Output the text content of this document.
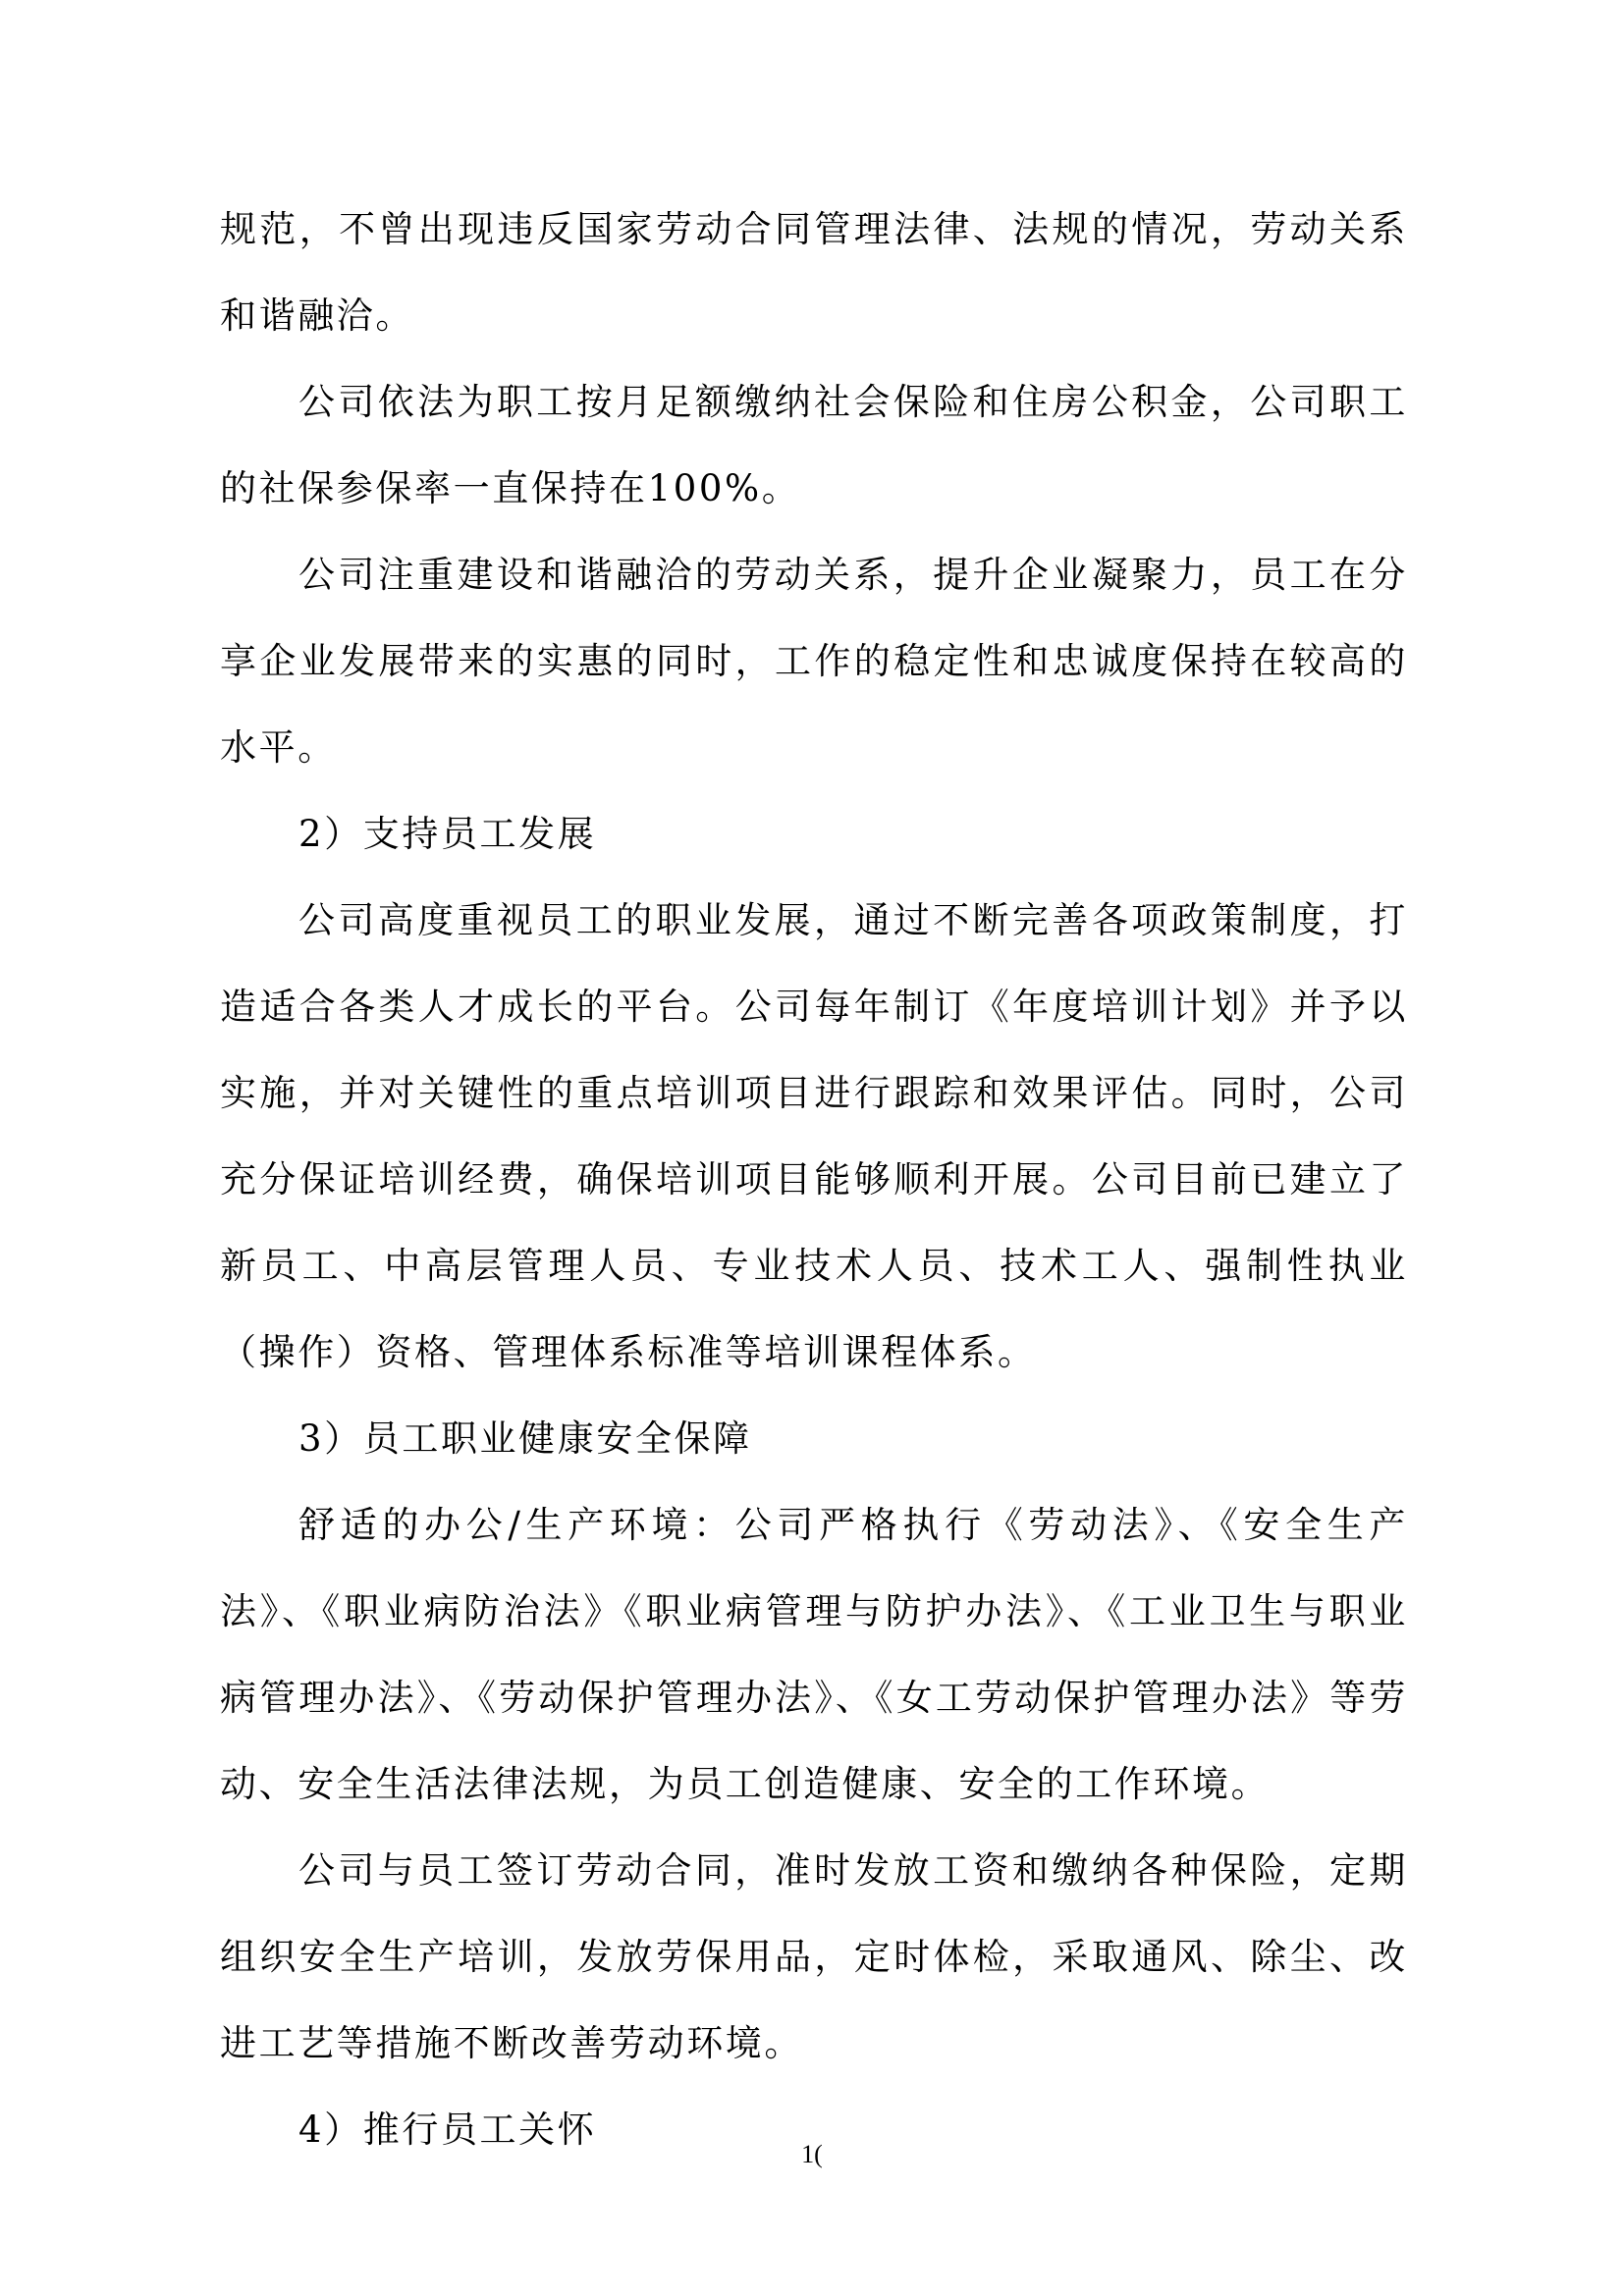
规范，不曾出现违反国家劳动合同管理法律、法规的情况，劳动关系和谐融洽。

公司依法为职工按月足额缴纳社会保险和住房公积金，公司职工的社保参保率一直保持在100%。

公司注重建设和谐融洽的劳动关系，提升企业凝聚力，员工在分享企业发展带来的实惠的同时，工作的稳定性和忠诚度保持在较高的水平。

2）支持员工发展

公司高度重视员工的职业发展，通过不断完善各项政策制度，打造适合各类人才成长的平台。公司每年制订《年度培训计划》并予以实施，并对关键性的重点培训项目进行跟踪和效果评估。同时，公司充分保证培训经费，确保培训项目能够顺利开展。公司目前已建立了新员工、中高层管理人员、专业技术人员、技术工人、强制性执业（操作）资格、管理体系标准等培训课程体系。

3）员工职业健康安全保障

舒适的办公/生产环境：公司严格执行《劳动法》、《安全生产法》、《职业病防治法》《职业病管理与防护办法》、《工业卫生与职业病管理办法》、《劳动保护管理办法》、《女工劳动保护管理办法》等劳动、安全生活法律法规，为员工创造健康、安全的工作环境。

公司与员工签订劳动合同，准时发放工资和缴纳各种保险，定期组织安全生产培训，发放劳保用品，定时体检，采取通风、除尘、改进工艺等措施不断改善劳动环境。

4）推行员工关怀

1(
